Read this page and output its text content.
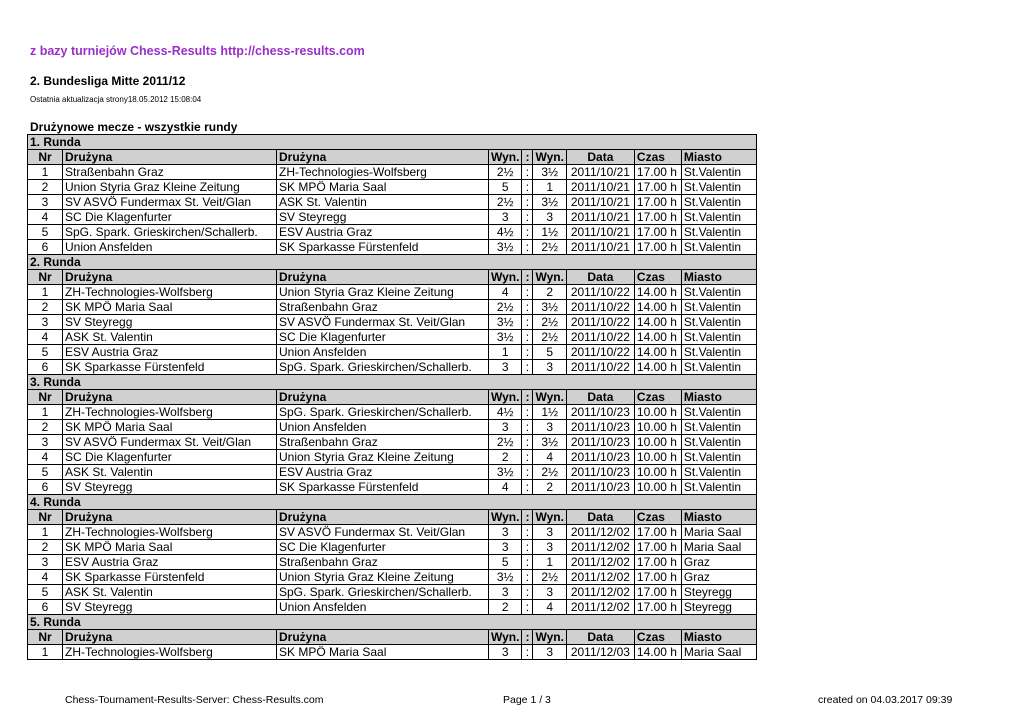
z bazy turniejów Chess-Results http://chess-results.com
2. Bundesliga Mitte 2011/12
Ostatnia aktualizacja strony18.05.2012 15:08:04
Drużynowe mecze - wszystkie rundy
1. Runda								
Nr	Drużyna	Drużyna	Wyn.	:	Wyn.	Data	Czas	Miasto
1	Straßenbahn Graz	ZH-Technologies-Wolfsberg	2½	:	3½	2011/10/21	17.00 h	St.Valentin
2	Union Styria Graz Kleine Zeitung	SK MPÖ Maria Saal	5	:	1	2011/10/21	17.00 h	St.Valentin
3	SV ASVÖ Fundermax St. Veit/Glan	ASK St. Valentin	2½	:	3½	2011/10/21	17.00 h	St.Valentin
4	SC Die Klagenfurter	SV Steyregg	3	:	3	2011/10/21	17.00 h	St.Valentin
5	SpG. Spark. Grieskirchen/Schallerb.	ESV Austria Graz	4½	:	1½	2011/10/21	17.00 h	St.Valentin
6	Union Ansfelden	SK Sparkasse Fürstenfeld	3½	:	2½	2011/10/21	17.00 h	St.Valentin
2. Runda								
Nr	Drużyna	Drużyna	Wyn.	:	Wyn.	Data	Czas	Miasto
1	ZH-Technologies-Wolfsberg	Union Styria Graz Kleine Zeitung	4	:	2	2011/10/22	14.00 h	St.Valentin
2	SK MPÖ Maria Saal	Straßenbahn Graz	2½	:	3½	2011/10/22	14.00 h	St.Valentin
3	SV Steyregg	SV ASVÖ Fundermax St. Veit/Glan	3½	:	2½	2011/10/22	14.00 h	St.Valentin
4	ASK St. Valentin	SC Die Klagenfurter	3½	:	2½	2011/10/22	14.00 h	St.Valentin
5	ESV Austria Graz	Union Ansfelden	1	:	5	2011/10/22	14.00 h	St.Valentin
6	SK Sparkasse Fürstenfeld	SpG. Spark. Grieskirchen/Schallerb.	3	:	3	2011/10/22	14.00 h	St.Valentin
3. Runda								
Nr	Drużyna	Drużyna	Wyn.	:	Wyn.	Data	Czas	Miasto
1	ZH-Technologies-Wolfsberg	SpG. Spark. Grieskirchen/Schallerb.	4½	:	1½	2011/10/23	10.00 h	St.Valentin
2	SK MPÖ Maria Saal	Union Ansfelden	3	:	3	2011/10/23	10.00 h	St.Valentin
3	SV ASVÖ Fundermax St. Veit/Glan	Straßenbahn Graz	2½	:	3½	2011/10/23	10.00 h	St.Valentin
4	SC Die Klagenfurter	Union Styria Graz Kleine Zeitung	2	:	4	2011/10/23	10.00 h	St.Valentin
5	ASK St. Valentin	ESV Austria Graz	3½	:	2½	2011/10/23	10.00 h	St.Valentin
6	SV Steyregg	SK Sparkasse Fürstenfeld	4	:	2	2011/10/23	10.00 h	St.Valentin
4. Runda								
Nr	Drużyna	Drużyna	Wyn.	:	Wyn.	Data	Czas	Miasto
1	ZH-Technologies-Wolfsberg	SV ASVÖ Fundermax St. Veit/Glan	3	:	3	2011/12/02	17.00 h	Maria Saal
2	SK MPÖ Maria Saal	SC Die Klagenfurter	3	:	3	2011/12/02	17.00 h	Maria Saal
3	ESV Austria Graz	Straßenbahn Graz	5	:	1	2011/12/02	17.00 h	Graz
4	SK Sparkasse Fürstenfeld	Union Styria Graz Kleine Zeitung	3½	:	2½	2011/12/02	17.00 h	Graz
5	ASK St. Valentin	SpG. Spark. Grieskirchen/Schallerb.	3	:	3	2011/12/02	17.00 h	Steyregg
6	SV Steyregg	Union Ansfelden	2	:	4	2011/12/02	17.00 h	Steyregg
5. Runda								
Nr	Drużyna	Drużyna	Wyn.	:	Wyn.	Data	Czas	Miasto
1	ZH-Technologies-Wolfsberg	SK MPÖ Maria Saal	3	:	3	2011/12/03	14.00 h	Maria Saal
Chess-Tournament-Results-Server: Chess-Results.com	Page 1 / 3	created on 04.03.2017 09:39
